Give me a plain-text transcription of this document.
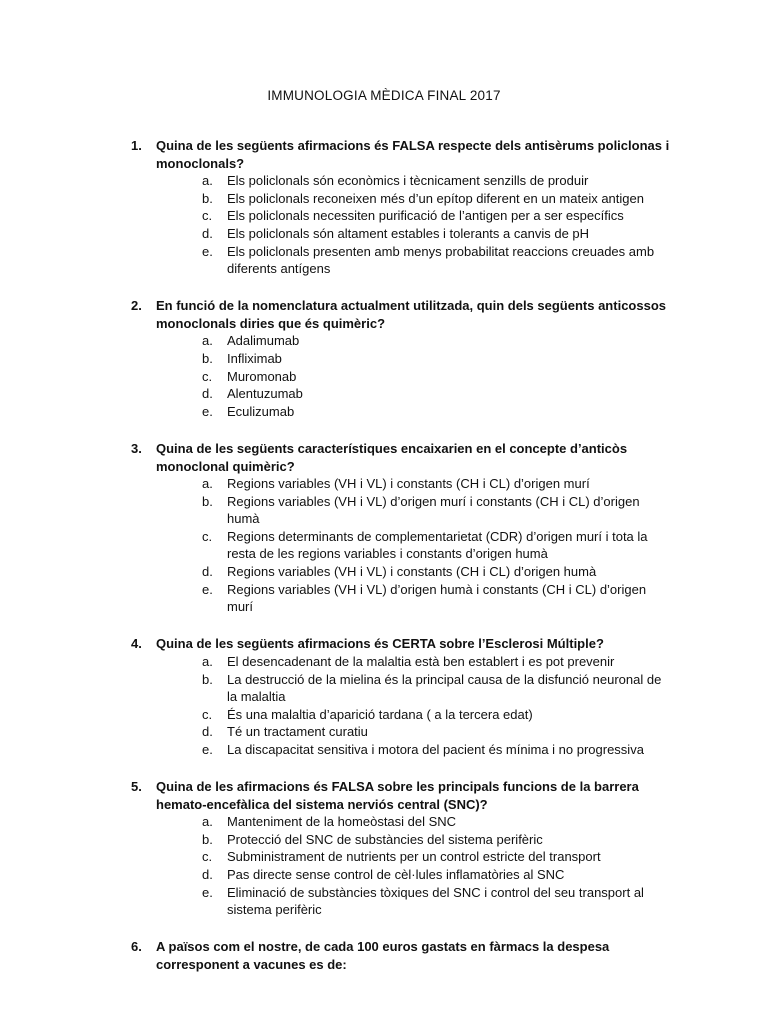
IMMUNOLOGIA MÈDICA FINAL 2017
1. Quina de les següents afirmacions és FALSA respecte dels antisèrums policlonas i monoclonals?

a. Els policlonals són econòmics i tècnicament senzills de produir
b. Els policlonals reconeixen més d’un epítop diferent en un mateix antigen
c. Els policlonals necessiten purificació de l’antigen per a ser específics
d. Els policlonals són altament estables i tolerants a canvis de pH
e. Els policlonals presenten amb menys probabilitat reaccions creuades amb diferents antígens
2. En funció de la nomenclatura actualment utilitzada, quin dels següents anticossos monoclonals diries que és quimèric?

a. Adalimumab
b. Infliximab
c. Muromonab
d. Alentuzumab
e. Eculizumab
3. Quina de les següents característiques encaixarien en el concepte d’anticòs monoclonal quimèric?

a. Regions variables (VH i VL) i constants (CH i CL) d’origen murí
b. Regions variables (VH i VL) d’origen murí i constants (CH i CL) d’origen humà
c. Regions determinants de complementarietat (CDR) d’origen murí i tota la resta de les regions variables i constants d’origen humà
d. Regions variables (VH i VL) i constants (CH i CL) d’origen humà
e. Regions variables (VH i VL) d’origen humà i constants (CH i CL) d’origen murí
4. Quina de les següents afirmacions és CERTA sobre l’Esclerosi Múltiple?

a. El desencadenant de la malaltia està ben establert i es pot prevenir
b. La destrucció de la mielina és la principal causa de la disfunció neuronal de la malaltia
c. És una malaltia d’aparició tardana ( a la tercera edat)
d. Té un tractament curatiu
e. La discapacitat sensitiva i motora del pacient és mínima i no progressiva
5. Quina de les afirmacions és FALSA sobre les principals funcions de la barrera hemato-encefàlica del sistema nerviós central (SNC)?

a. Manteniment de la homeòstasi del SNC
b. Protecció del SNC de substàncies del sistema perifèric
c. Subministrament de nutrients per un control estricte del transport
d. Pas directe sense control de cèl·lules inflamatòries al SNC
e. Eliminació de substàncies tòxiques del SNC i control del seu transport al sistema perifèric
6. A països com el nostre, de cada 100 euros gastats en fàrmacs la despesa corresponent a vacunes es de:
